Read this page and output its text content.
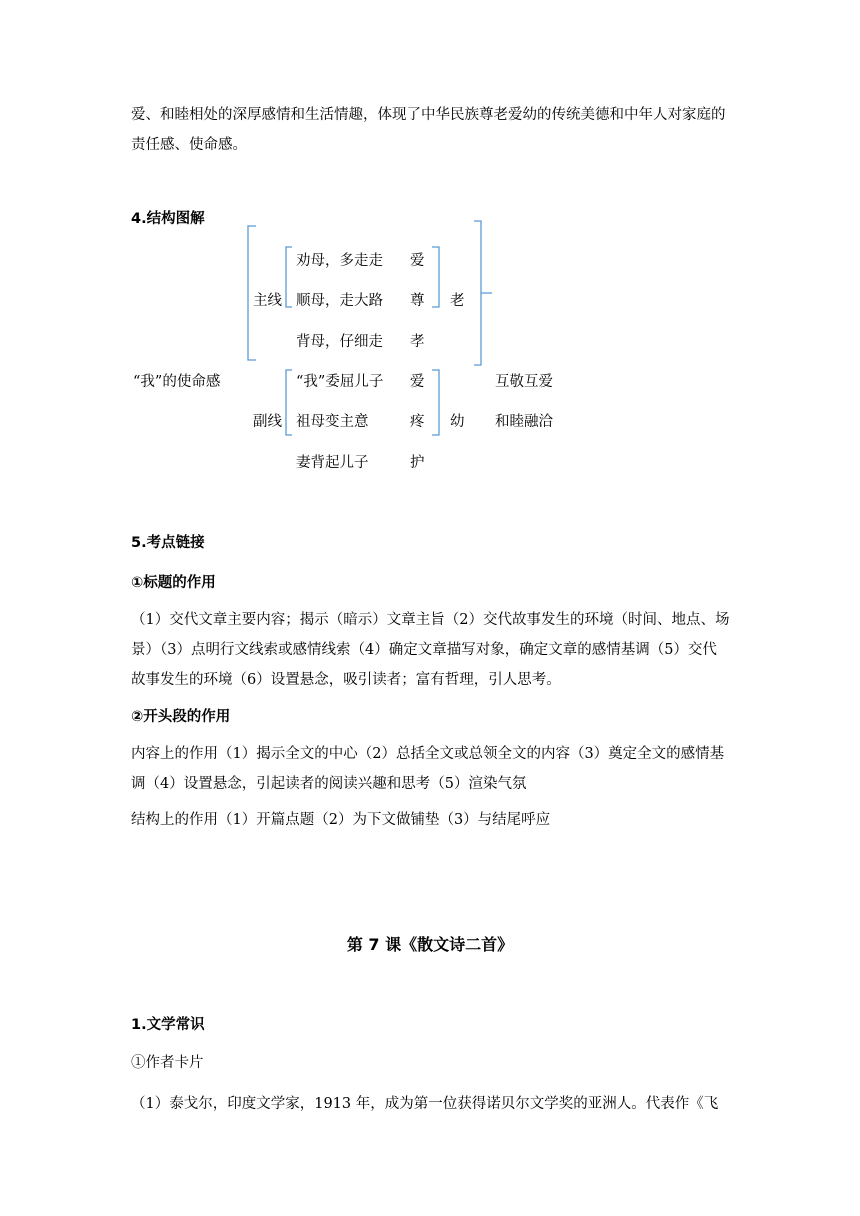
爱、和睦相处的深厚感情和生活情趣，体现了中华民族尊老爱幼的传统美德和中年人对家庭的责任感、使命感。
4.结构图解
“我”的使命感
主线
劝母，多走走 爱
顺母，走大路 尊
背母，仔细走 孝
老
副线
“我”委屈儿子 爱
祖母变主意	疼
妻背起儿子	护
幼
互敬互爱
和睦融洽
5.考点链接
①标题的作用
（1）交代文章主要内容；揭示（暗示）文章主旨（2）交代故事发生的环境（时间、地点、场景）（3）点明行文线索或感情线索（4）确定文章描写对象，确定文章的感情基调（5）交代故事发生的环境（6）设置悬念，吸引读者；富有哲理，引人思考。
②开头段的作用
内容上的作用（1）揭示全文的中心（2）总括全文或总领全文的内容（3）奠定全文的感情基调（4）设置悬念，引起读者的阅读兴趣和思考（5）渲染气氛
结构上的作用（1）开篇点题（2）为下文做铺垫（3）与结尾呼应
第 7 课《散文诗二首》
1.文学常识
①作者卡片
（1）泰戈尔，印度文学家，1913 年，成为第一位获得诺贝尔文学奖的亚洲人。代表作《飞
